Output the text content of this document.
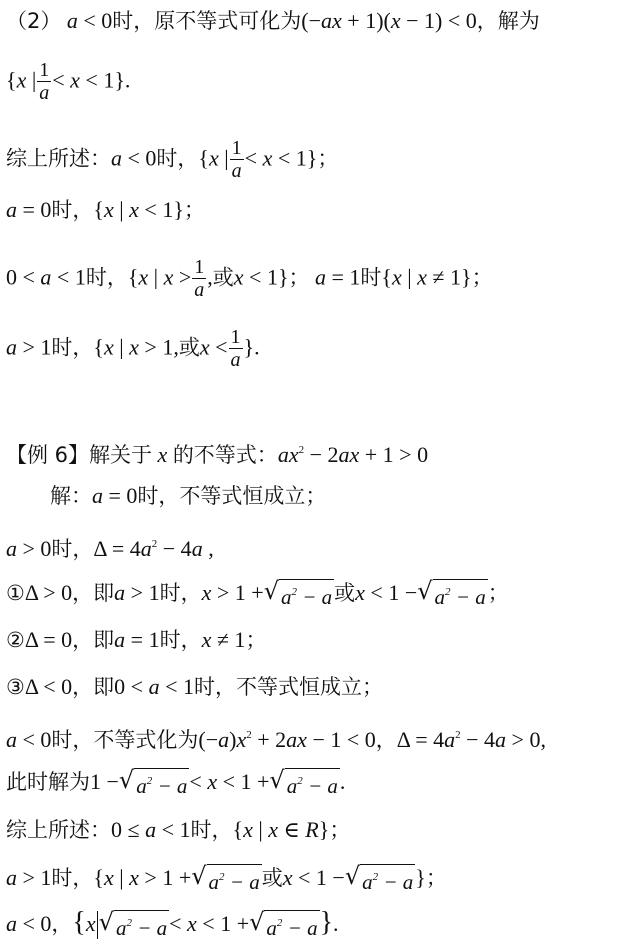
（2） a < 0时，原不等式可化为(−ax + 1)(x − 1) < 0，解为
{x | $\frac{1}{a} < x < 1$}.
综上所述：a < 0时，{x | $\frac{1}{a} < x < 1$}；
a = 0时，{x | x < 1}；
0 < a < 1时，{x | $x > \frac{1}{a}$ ,或x < 1}； a = 1时{x | x ≠ 1}；
a > 1时，{x | x > 1,或$x < \frac{1}{a}$ }.
【例 6】解关于 x 的不等式：$ax^2 - 2ax + 1 > 0$
解：a = 0时，不等式恒成立；
a > 0时，$\Delta = 4a^2 - 4a$ ,
①Δ > 0，即a > 1时，x > 1 + √ $a^2 - a$ 或x < 1 − √ $a^2 - a$ ；
②Δ = 0，即a = 1时，x ≠ 1；
③Δ < 0，即0 < a < 1时，不等式恒成立；
a < 0时，不等式化为$(-a)x^2 + 2ax - 1 < 0$，$\Delta = 4a^2 - 4a > 0$,
此时解为1 − √ $a^2 - a < x < 1$ + √ $a^2 - a$ .
综上所述：0 ≤ a < 1时，{x | x ∈ R}；
a > 1时，{x | x > 1 + √ $a^2 - a$ 或x < 1 − √ $a^2 - a$ }；
a < 0，{x √ $a^2 - a < x < 1$ + √ $a^2 - a$ }.
